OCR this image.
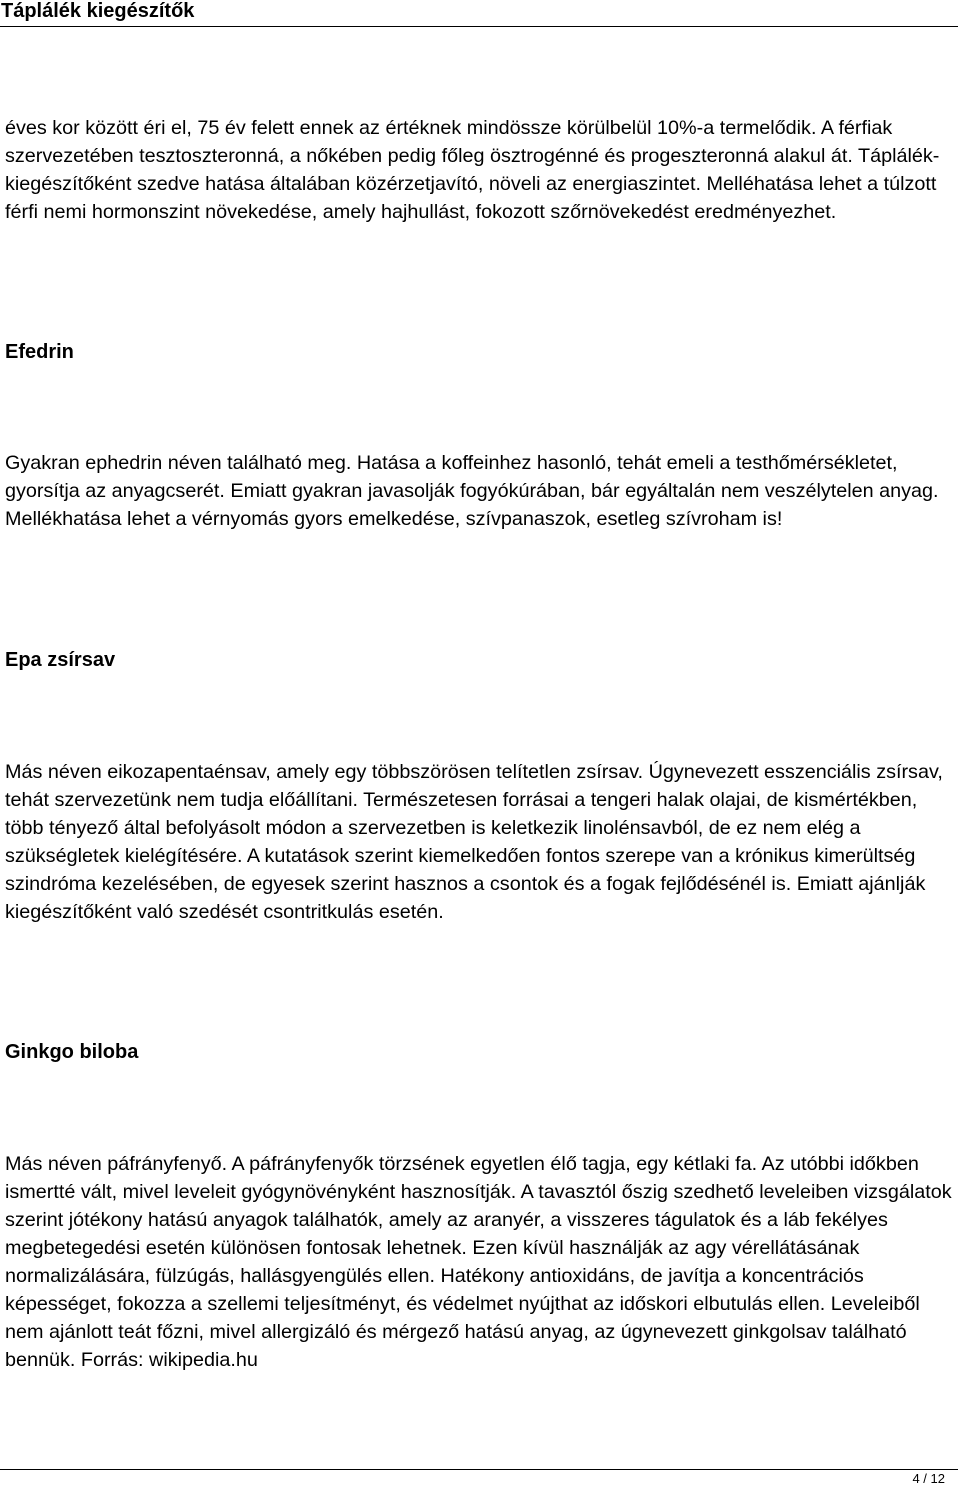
Táplálék kiegészítők

éves kor között éri el, 75 év felett ennek az értéknek mindössze körülbelül 10%-a termelődik. A férfiak szervezetében tesztoszteronná, a nőkében pedig főleg ösztrogénné és progeszteronná alakul át. Táplálék-kiegészítőként szedve hatása általában közérzetjavító, növeli az energiaszintet. Melléhatása lehet a túlzott férfi nemi hormonszint növekedése, amely hajhullást, fokozott szőrnövekedést eredményezhet.

Efedrin

Gyakran ephedrin néven található meg. Hatása a koffeinhez hasonló, tehát emeli a testhőmérsékletet, gyorsítja az anyagcserét. Emiatt gyakran javasolják fogyókúrában, bár egyáltalán nem veszélytelen anyag. Mellékhatása lehet a vérnyomás gyors emelkedése, szívpanaszok, esetleg szívroham is!

Epa zsírsav

Más néven eikozapentaénsav, amely egy többszörösen telítetlen zsírsav. Úgynevezett esszenciális zsírsav, tehát szervezetünk nem tudja előállítani. Természetesen forrásai a tengeri halak olajai, de kismértékben, több tényező által befolyásolt módon a szervezetben is keletkezik linolénsavból, de ez nem elég a szükségletek kielégítésére. A kutatások szerint kiemelkedően fontos szerepe van a krónikus kimerültség szindróma kezelésében, de egyesek szerint hasznos a csontok és a fogak fejlődésénél is. Emiatt ajánlják kiegészítőként való szedését csontritkulás esetén.

Ginkgo biloba

Más néven páfrányfenyő. A páfrányfenyők törzsének egyetlen élő tagja, egy kétlaki fa. Az utóbbi időkben ismertté vált, mivel leveleit gyógynövényként hasznosítják. A tavasztól őszig szedhető leveleiben vizsgálatok szerint jótékony hatású anyagok találhatók, amely az aranyér, a visszeres tágulatok és a láb fekélyes megbetegedési esetén különösen fontosak lehetnek. Ezen kívül használják az agy vérellátásának normalizálására, fülzúgás, hallásgyengülés ellen. Hatékony antioxidáns, de javítja a koncentrációs képességet, fokozza a szellemi teljesítményt, és védelmet nyújthat az időskori elbutulás ellen. Leveleiből nem ajánlott teát főzni, mivel allergizáló és mérgező hatású anyag, az úgynevezett ginkgolsav található bennük. Forrás: wikipedia.hu

4 / 12
